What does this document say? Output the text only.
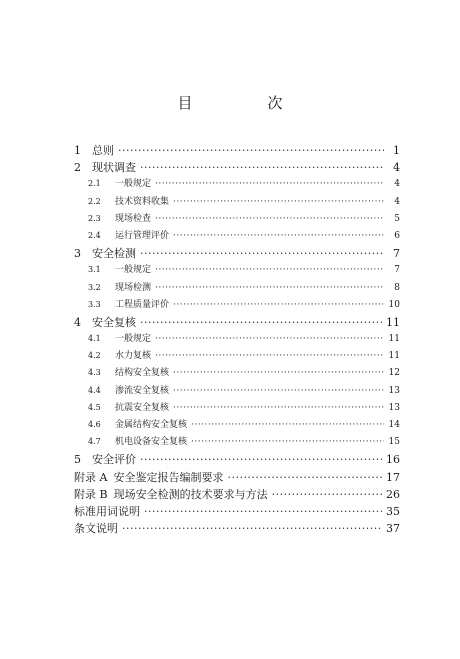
目　次
1	总则 ·····	1
2	现状调查 ·····	4
2.1	一般规定 ·····	4
2.2	技术资料收集 ·····	4
2.3	现场检查 ·····	5
2.4	运行管理评价 ·····	6
3	安全检测 ·····	7
3.1	一般规定 ·····	7
3.2	现场检测 ·····	8
3.3	工程质量评价 ·····	10
4	安全复核 ·····	11
4.1	一般规定 ·····	11
4.2	水力复核 ·····	11
4.3	结构安全复核 ·····	12
4.4	渗流安全复核 ·····	13
4.5	抗震安全复核 ·····	13
4.6	金属结构安全复核 ·····	14
4.7	机电设备安全复核 ·····	15
5	安全评价 ·····	16
附录 A 安全鉴定报告编制要求 ·····	17
附录 B 现场安全检测的技术要求与方法 ·····	26
标准用词说明 ·····	35
条文说明 ·····	37
